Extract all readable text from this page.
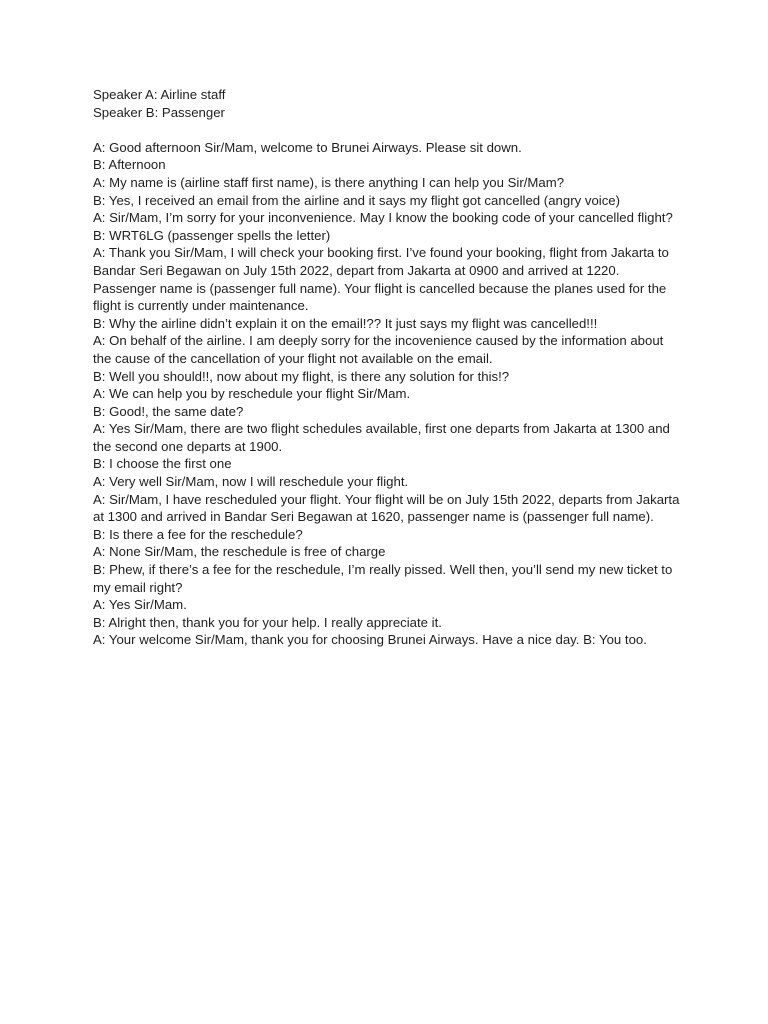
Speaker A: Airline staff

Speaker B: Passenger

A: Good afternoon Sir/Mam, welcome to Brunei Airways. Please sit down.

B: Afternoon

A: My name is (airline staff first name), is there anything I can help you Sir/Mam?

B: Yes, I received an email from the airline and it says my flight got cancelled (angry voice)

A: Sir/Mam, I’m sorry for your inconvenience. May I know the booking code of your cancelled flight?

B: WRT6LG (passenger spells the letter)

A: Thank you Sir/Mam, I will check your booking first. I’ve found your booking, flight from Jakarta to Bandar Seri Begawan on July 15th 2022, depart from Jakarta at 0900 and arrived at 1220. Passenger name is (passenger full name). Your flight is cancelled because the planes used for the flight is currently under maintenance.

B: Why the airline didn’t explain it on the email!?? It just says my flight was cancelled!!!

A: On behalf of the airline. I am deeply sorry for the incovenience caused by the information about the cause of the cancellation of your flight not available on the email.

B: Well you should!!, now about my flight, is there any solution for this!?

A: We can help you by reschedule your flight Sir/Mam.

B: Good!, the same date?

A: Yes Sir/Mam, there are two flight schedules available, first one departs from Jakarta at 1300 and the second one departs at 1900.

B: I choose the first one

A: Very well Sir/Mam, now I will reschedule your flight.

A: Sir/Mam, I have rescheduled your flight. Your flight will be on July 15th 2022, departs from Jakarta at 1300 and arrived in Bandar Seri Begawan at 1620, passenger name is (passenger full name).

B: Is there a fee for the reschedule?

A: None Sir/Mam, the reschedule is free of charge

B: Phew, if there’s a fee for the reschedule, I’m really pissed. Well then, you’ll send my new ticket to my email right?

A: Yes Sir/Mam.

B: Alright then, thank you for your help. I really appreciate it.

A: Your welcome Sir/Mam, thank you for choosing Brunei Airways. Have a nice day. B: You too.
